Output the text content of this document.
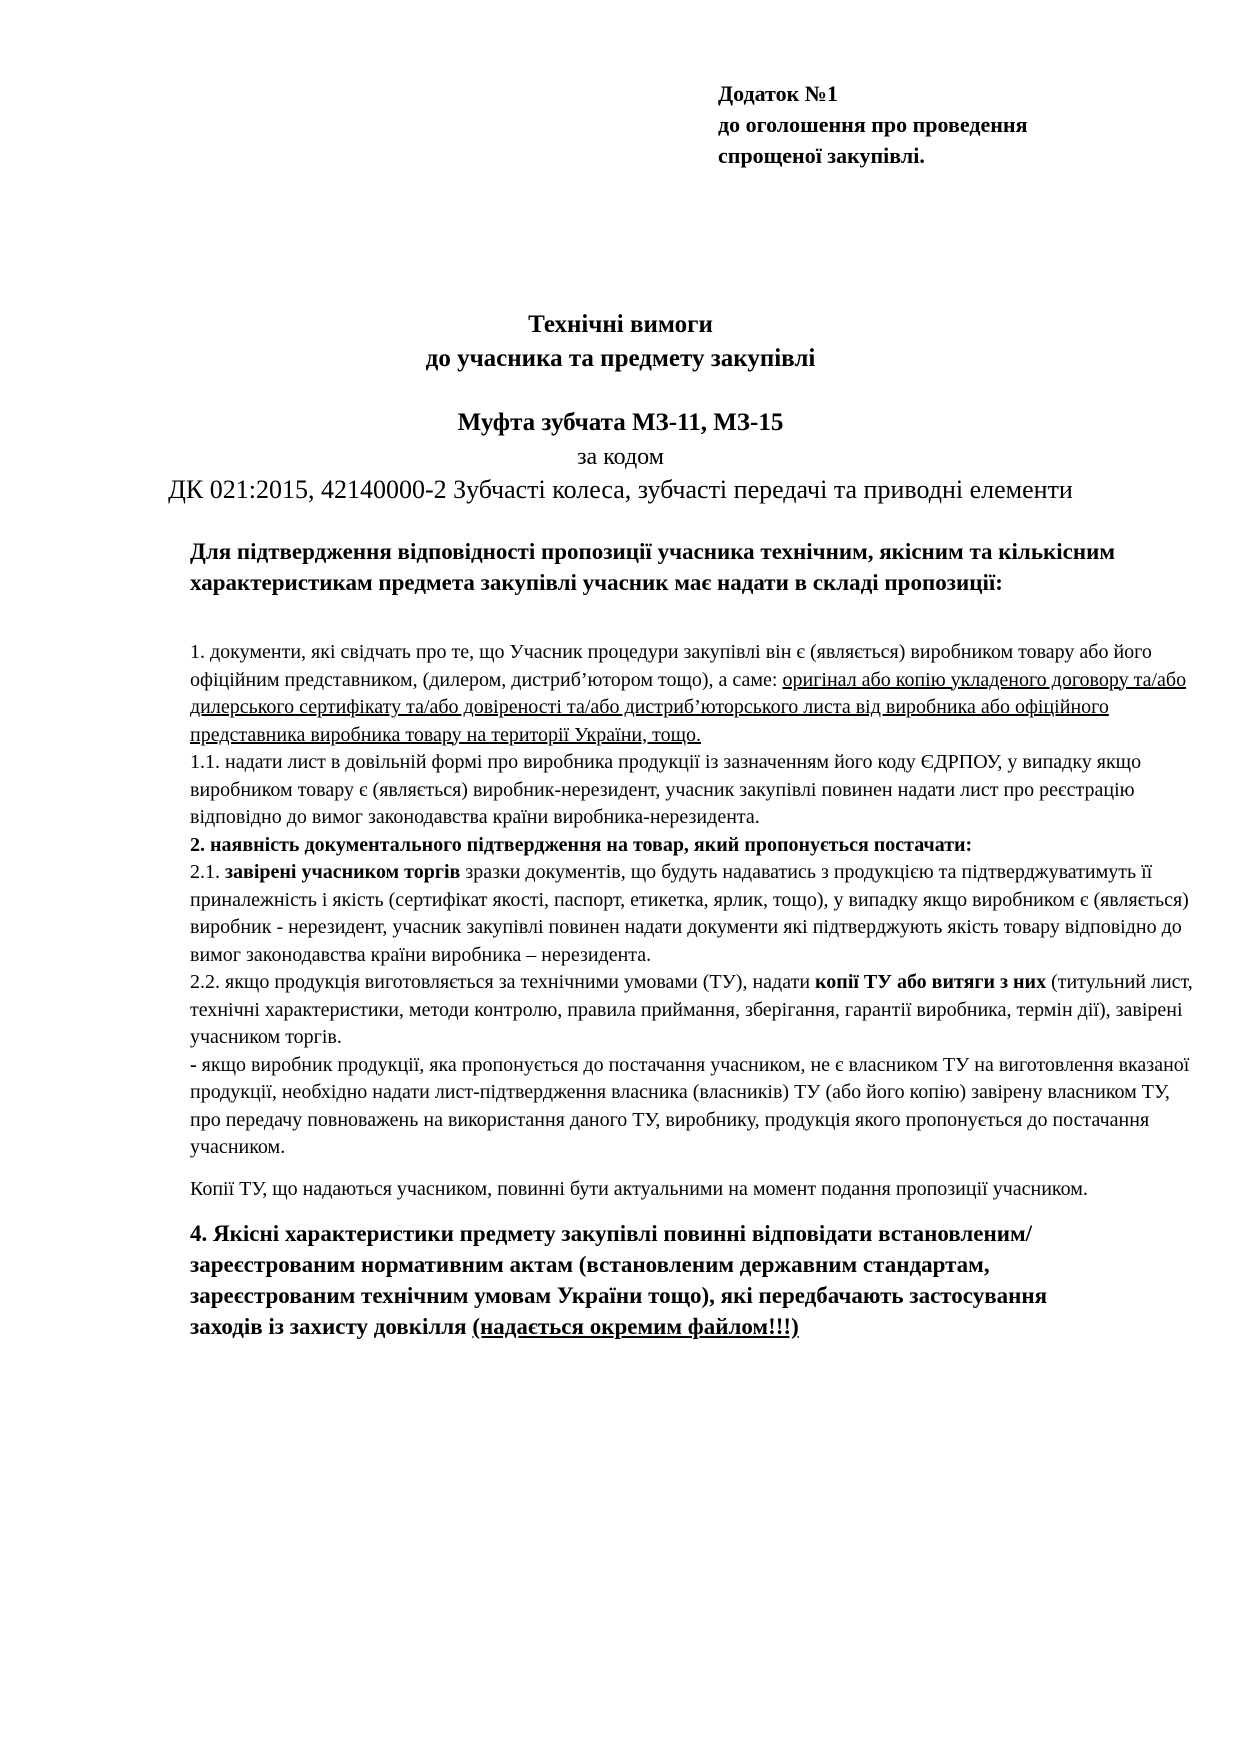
Додаток №1
до оголошення про проведення
спрощеної закупівлі.
Технічні вимоги
до учасника та предмету закупівлі
Муфта зубчата МЗ-11, МЗ-15
за кодом
ДК 021:2015, 42140000-2 Зубчасті колеса, зубчасті передачі та приводні елементи
Для підтвердження відповідності пропозиції учасника технічним, якісним та кількісним характеристикам предмета закупівлі учасник має надати в складі пропозиції:

1. документи, які свідчать про те, що Учасник процедури закупівлі він є (являється) виробником товару або його офіційним представником, (дилером, дистриб’ютором тощо), а саме: оригінал або копію укладеного договору та/або дилерського сертифікату та/або довіреності та/або дистриб’юторського листа від виробника або офіційного представника виробника товару на території України, тощо.

1.1. надати лист в довільній формі про виробника продукції із зазначенням його коду ЄДРПОУ, у випадку якщо виробником товару є (являється) виробник-нерезидент, учасник закупівлі повинен надати лист про реєстрацію відповідно до вимог законодавства країни виробника-нерезидента.

2. наявність документального підтвердження на товар, який пропонується постачати:

2.1. завірені учасником торгів зразки документів, що будуть надаватись з продукцією та підтверджуватимуть її приналежність і якість (сертифікат якості, паспорт, етикетка, ярлик, тощо), у випадку якщо виробником є (являється) виробник - нерезидент, учасник закупівлі повинен надати документи які підтверджують якість товару відповідно до вимог законодавства країни виробника – нерезидента.

2.2. якщо продукція виготовляється за технічними умовами (ТУ), надати копії ТУ або витяги з них (титульний лист, технічні характеристики, методи контролю, правила приймання, зберігання, гарантії виробника, термін дії), завірені учасником торгів.

- якщо виробник продукції, яка пропонується до постачання учасником, не є власником ТУ на виготовлення вказаної продукції, необхідно надати лист-підтвердження власника (власників) ТУ (або його копію) завірену власником ТУ, про передачу повноважень на використання даного ТУ, виробнику, продукція якого пропонується до постачання учасником.

Копії ТУ, що надаються учасником, повинні бути актуальними на момент подання пропозиції учасником.
4. Якісні характеристики предмету закупівлі повинні відповідати встановленим/зареєстрованим нормативним актам (встановленим державним стандартам, зареєстрованим технічним умовам України тощо), які передбачають застосування заходів із захисту довкілля (надається окремим файлом!!!)
